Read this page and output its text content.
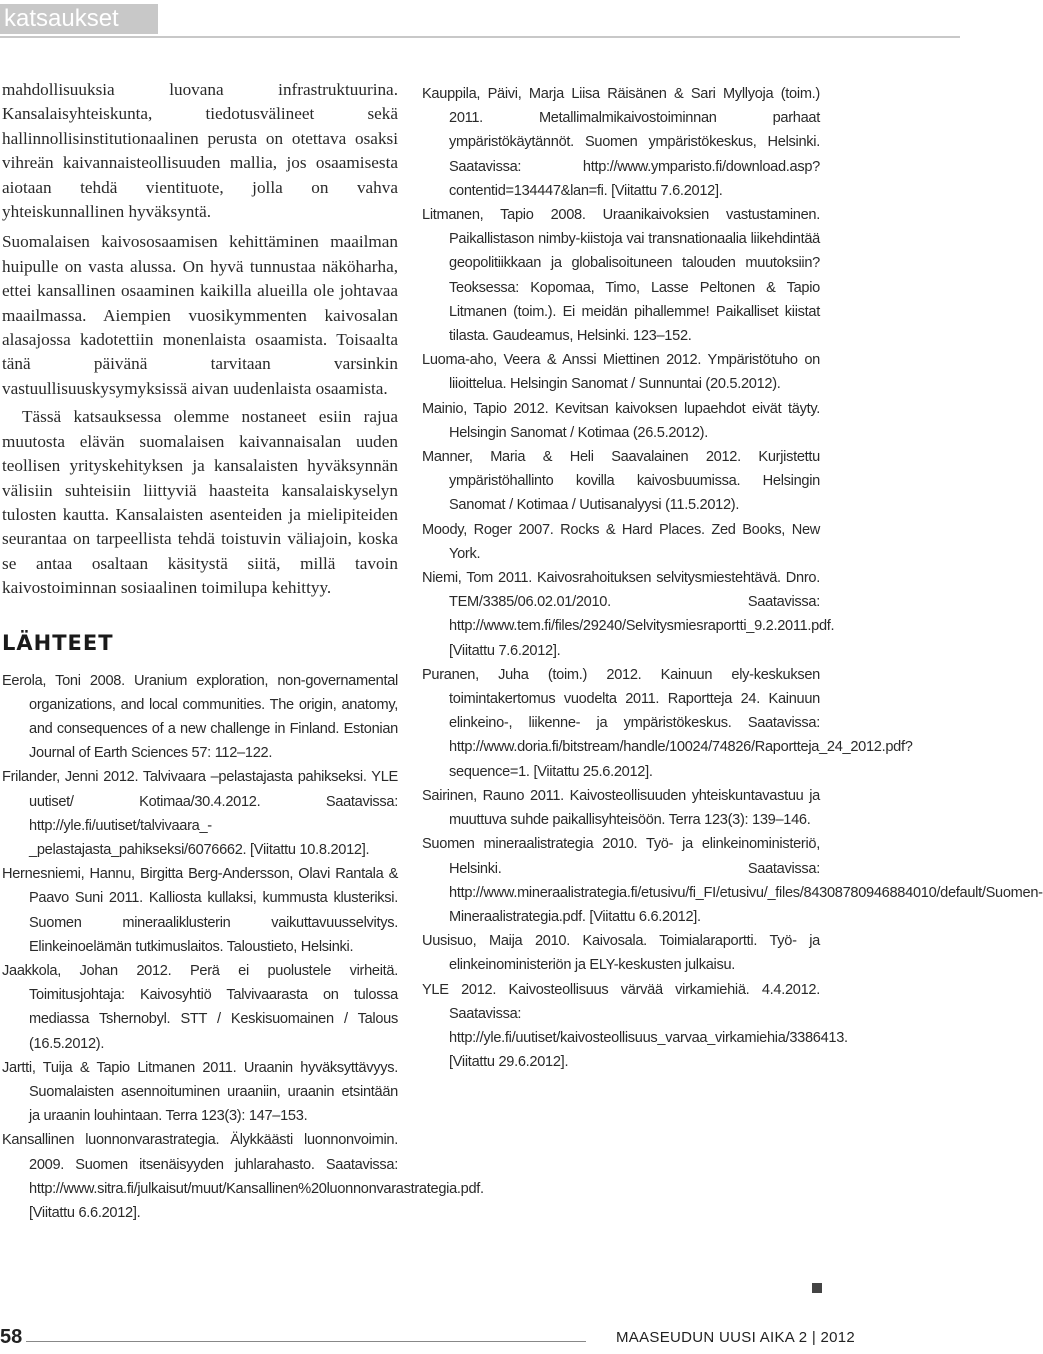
katsaukset

mahdollisuuksia luovana infrastruktuurina. Kansalaisyhteiskunta, tiedotusvälineet sekä hallinnollisinstitutionaalinen perusta on otettava osaksi vihreän kaivannaisteollisuuden mallia, jos osaamisesta aiotaan tehdä vientituote, jolla on vahva yhteiskunnallinen hyväksyntä.

Suomalaisen kaivososaamisen kehittäminen maailman huipulle on vasta alussa. On hyvä tunnustaa näköharha, ettei kansallinen osaaminen kaikilla alueilla ole johtavaa maailmassa. Aiempien vuosikymmenten kaivosalan alasajossa kadotettiin monenlaista osaamista. Toisaalta tänä päivänä tarvitaan varsinkin vastuullisuuskysymyksissä aivan uudenlaista osaamista.

Tässä katsauksessa olemme nostaneet esiin rajua muutosta elävän suomalaisen kaivannaisalan uuden teollisen yrityskehityksen ja kansalaisten hyväksynnän välisiin suhteisiin liittyviä haasteita kansalaiskyselyn tulosten kautta. Kansalaisten asenteiden ja mielipiteiden seurantaa on tarpeellista tehdä toistuvin väliajoin, koska se antaa osaltaan käsitystä siitä, millä tavoin kaivostoiminnan sosiaalinen toimilupa kehittyy.

LÄHTEET
Eerola, Toni 2008. Uranium exploration, non-governamental organizations, and local communities. The origin, anatomy, and consequences of a new challenge in Finland. Estonian Journal of Earth Sciences 57: 112–122.
Frilander, Jenni 2012. Talvivaara –pelastajasta pahikseksi. YLE uutiset/ Kotimaa/30.4.2012. Saatavissa: http://yle.fi/uutiset/talvivaara_-_pelastajasta_pahikseksi/6076662. [Viitattu 10.8.2012].
Hernesniemi, Hannu, Birgitta Berg-Andersson, Olavi Rantala & Paavo Suni 2011. Kalliosta kullaksi, kummusta klusteriksi. Suomen mineraaliklusterin vaikuttavuusselvitys. Elinkeinoelämän tutkimuslaitos. Taloustieto, Helsinki.
Jaakkola, Johan 2012. Perä ei puolustele virheitä. Toimitusjohtaja: Kaivosyhtiö Talvivaarasta on tulossa mediassa Tshernobyl. STT / Keskisuomainen / Talous (16.5.2012).
Jartti, Tuija & Tapio Litmanen 2011. Uraanin hyväksyttävyys. Suomalaisten asennoituminen uraaniin, uraanin etsintään ja uraanin louhintaan. Terra 123(3): 147–153.
Kansallinen luonnonvarastrategia. Älykkäästi luonnonvoimin. 2009. Suomen itsenäisyyden juhlarahasto. Saatavissa: http://www.sitra.fi/julkaisut/muut/Kansallinen%20luonnonvarastrategia.pdf. [Viitattu 6.6.2012].
Kauppila, Päivi, Marja Liisa Räisänen & Sari Myllyoja (toim.) 2011. Metallimalmikaivostoiminnan parhaat ympäristökäytännöt. Suomen ympäristökeskus, Helsinki. Saatavissa: http://www.ymparisto.fi/download.asp?contentid=134447&lan=fi. [Viitattu 7.6.2012].
Litmanen, Tapio 2008. Uraanikaivoksien vastustaminen. Paikallistason nimby-kiistoja vai transnationaalia liikehdintää geopolitiikkaan ja globalisoituneen talouden muutoksiin? Teoksessa: Kopomaa, Timo, Lasse Peltonen & Tapio Litmanen (toim.). Ei meidän pihallemme! Paikalliset kiistat tilasta. Gaudeamus, Helsinki. 123–152.
Luoma-aho, Veera & Anssi Miettinen 2012. Ympäristötuho on liioittelua. Helsingin Sanomat / Sunnuntai (20.5.2012).
Mainio, Tapio 2012. Kevitsan kaivoksen lupaehdot eivät täyty. Helsingin Sanomat / Kotimaa (26.5.2012).
Manner, Maria & Heli Saavalainen 2012. Kurjistettu ympäristöhallinto kovilla kaivosbuumissa. Helsingin Sanomat / Kotimaa / Uutisanalyysi (11.5.2012).
Moody, Roger 2007. Rocks & Hard Places. Zed Books, New York.
Niemi, Tom 2011. Kaivosrahoituksen selvitysmiestehtävä. Dnro. TEM/3385/06.02.01/2010. Saatavissa: http://www.tem.fi/files/29240/Selvitysmiesraportti_9.2.2011.pdf. [Viitattu 7.6.2012].
Puranen, Juha (toim.) 2012. Kainuun ely-keskuksen toimintakertomus vuodelta 2011. Raportteja 24. Kainuun elinkeino-, liikenne- ja ympäristökeskus. Saatavissa: http://www.doria.fi/bitstream/handle/10024/74826/Raportteja_24_2012.pdf?sequence=1. [Viitattu 25.6.2012].
Sairinen, Rauno 2011. Kaivosteollisuuden yhteiskuntavastuu ja muuttuva suhde paikallisyhteisöön. Terra 123(3): 139–146.
Suomen mineraalistrategia 2010. Työ- ja elinkeinoministeriö, Helsinki. Saatavissa: http://www.mineraalistrategia.fi/etusivu/fi_FI/etusivu/_files/84308780946884010/default/Suomen-Mineraalistrategia.pdf. [Viitattu 6.6.2012].
Uusisuo, Maija 2010. Kaivosala. Toimialaraportti. Työ- ja elinkeinoministeriön ja ELY-keskusten julkaisu.
YLE 2012. Kaivosteollisuus värvää virkamiehiä. 4.4.2012. Saatavissa: http://yle.fi/uutiset/kaivosteollisuus_varvaa_virkamiehia/3386413. [Viitattu 29.6.2012].
58	MAASEUDUN UUSI AIKA 2 | 2012
